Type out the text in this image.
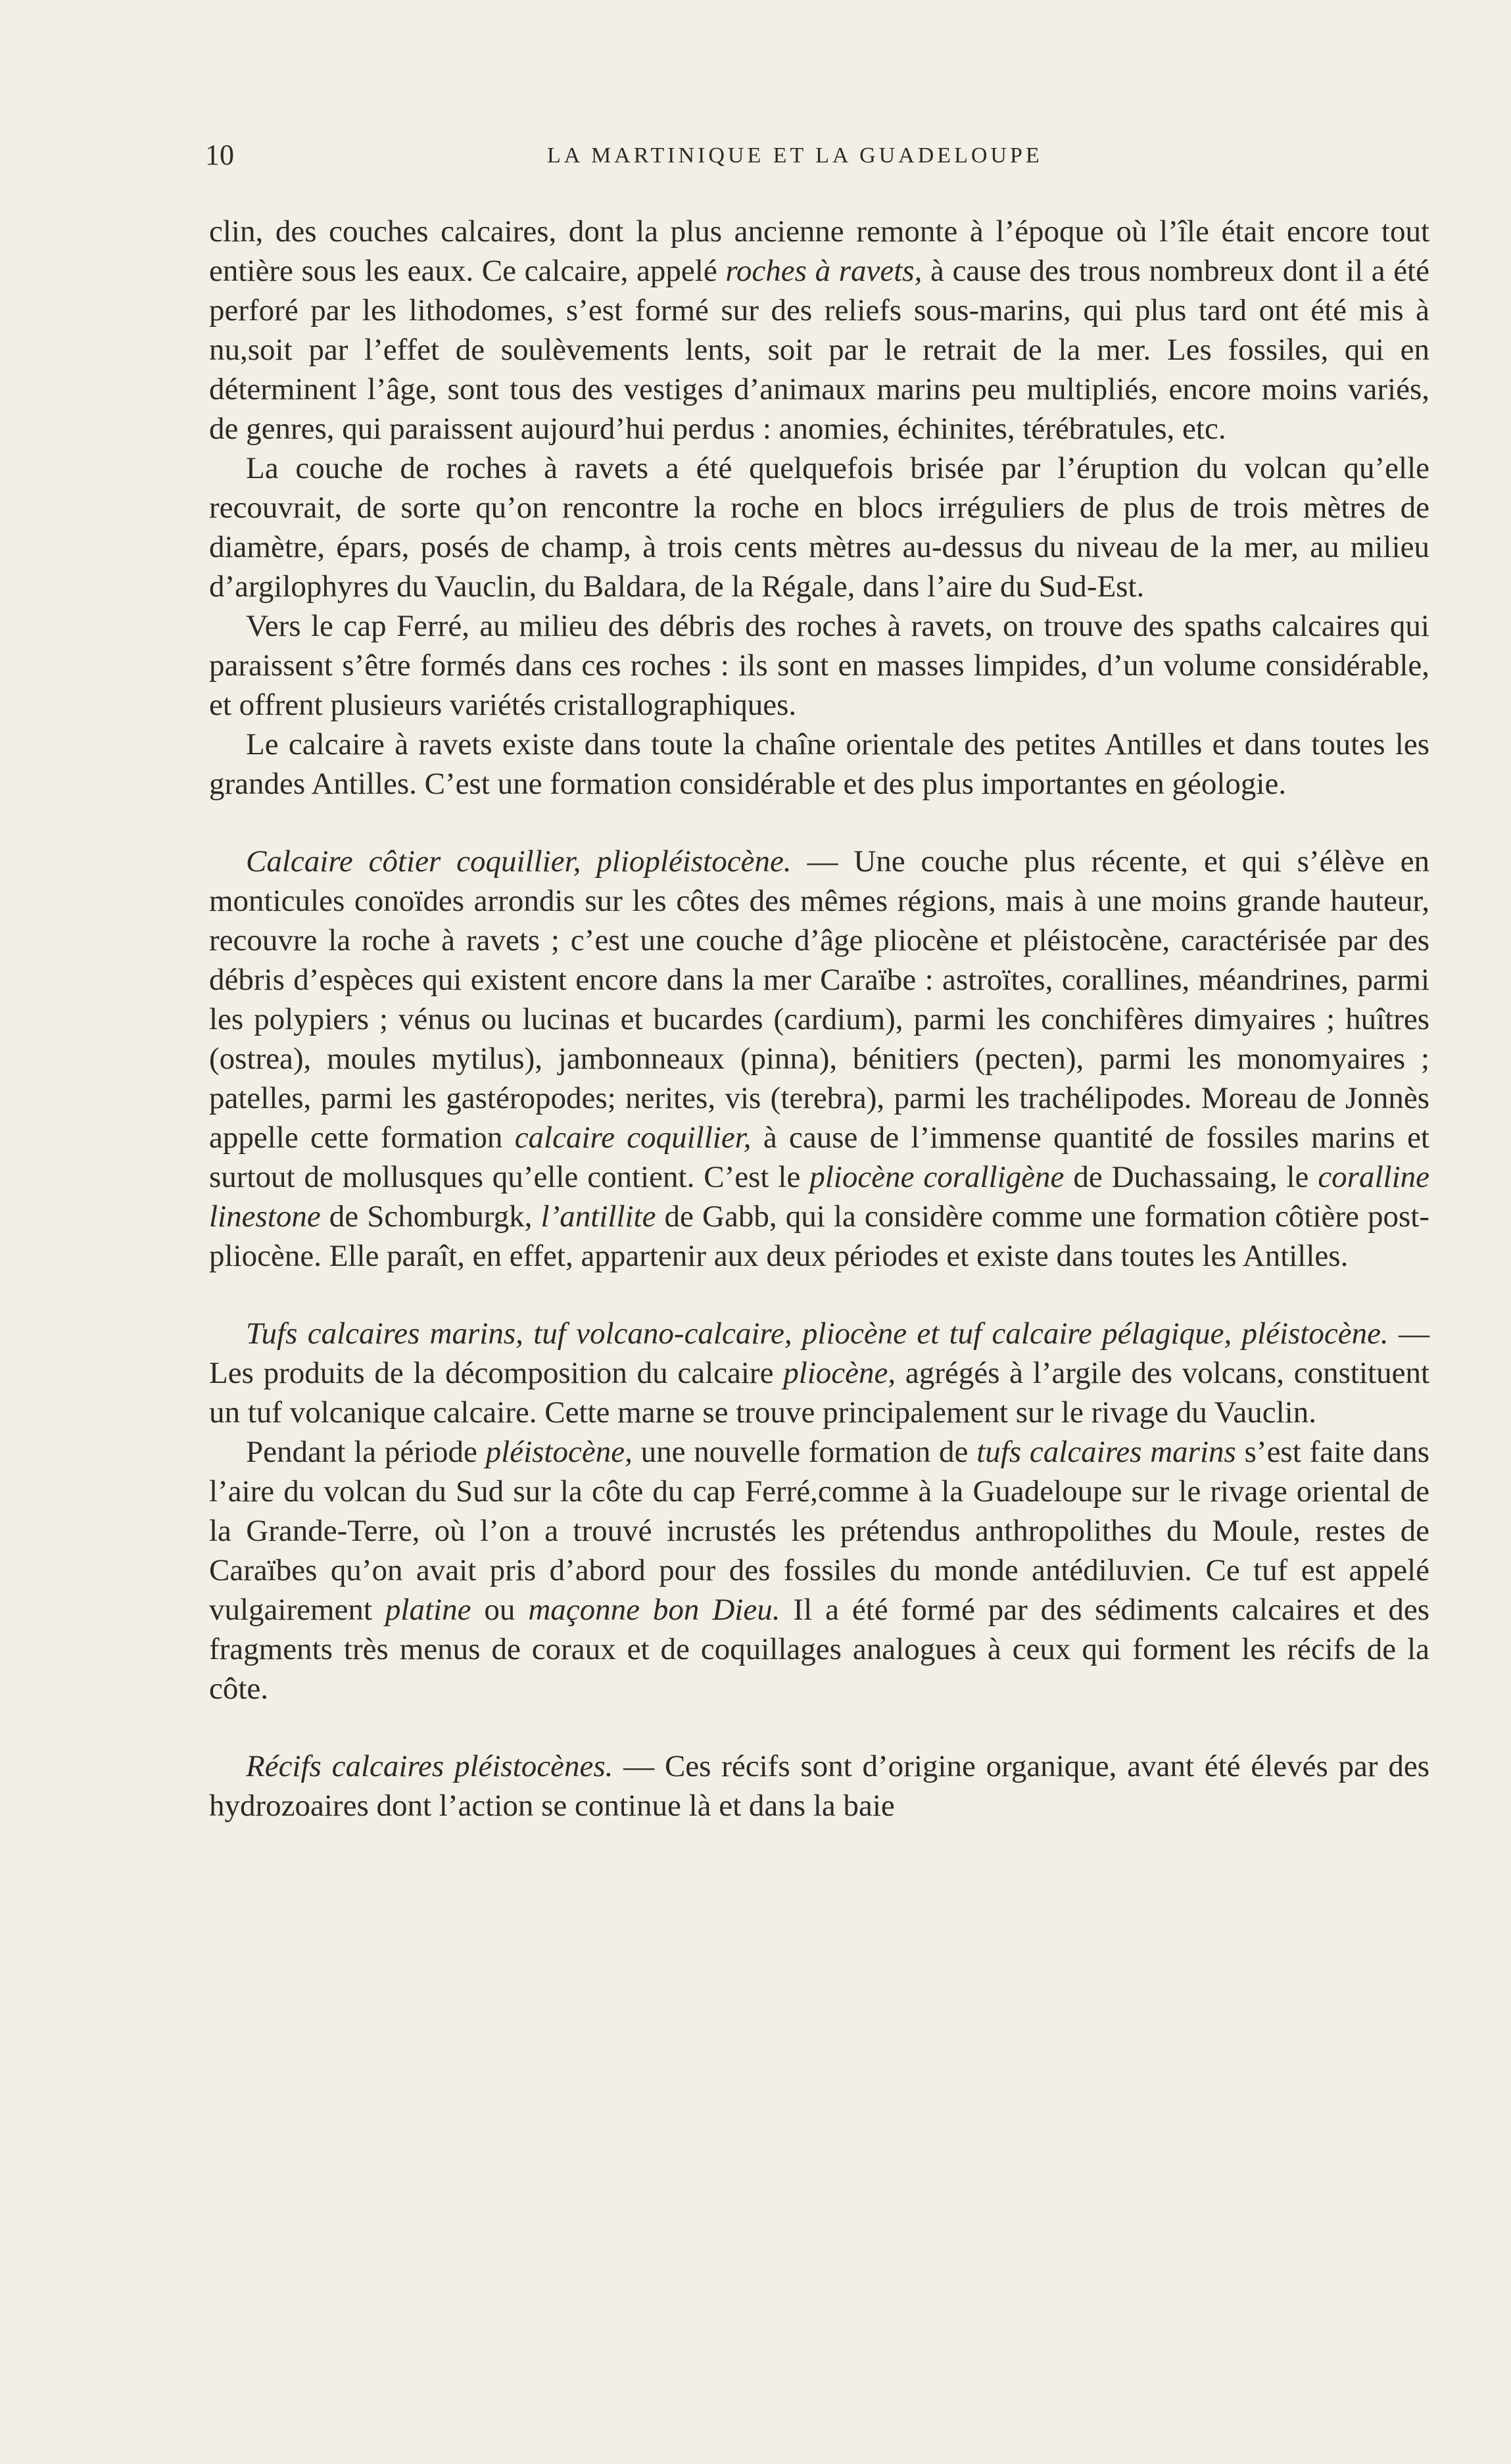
10	LA MARTINIQUE ET LA GUADELOUPE

clin, des couches calcaires, dont la plus ancienne remonte à l’époque où l’île était encore tout entière sous les eaux. Ce calcaire, appelé roches à ravets, à cause des trous nombreux dont il a été perforé par les lithodomes, s’est formé sur des reliefs sous-marins, qui plus tard ont été mis à nu,soit par l’effet de soulèvements lents, soit par le retrait de la mer. Les fossiles, qui en déterminent l’âge, sont tous des vestiges d’animaux marins peu multipliés, encore moins variés, de genres, qui paraissent aujourd’hui perdus : anomies, échinites, térébratules, etc.

La couche de roches à ravets a été quelquefois brisée par l’éruption du volcan qu’elle recouvrait, de sorte qu’on rencontre la roche en blocs irréguliers de plus de trois mètres de diamètre, épars, posés de champ, à trois cents mètres au-dessus du niveau de la mer, au milieu d’argilophyres du Vauclin, du Baldara, de la Régale, dans l’aire du Sud-Est.

Vers le cap Ferré, au milieu des débris des roches à ravets, on trouve des spaths calcaires qui paraissent s’être formés dans ces roches : ils sont en masses limpides, d’un volume considérable, et offrent plusieurs variétés cristallographiques.

Le calcaire à ravets existe dans toute la chaîne orientale des petites Antilles et dans toutes les grandes Antilles. C’est une formation considérable et des plus importantes en géologie.

Calcaire côtier coquillier, pliopléistocène. — Une couche plus récente, et qui s’élève en monticules conoïdes arrondis sur les côtes des mêmes régions, mais à une moins grande hauteur, recouvre la roche à ravets ; c’est une couche d’âge pliocène et pléistocène, caractérisée par des débris d’espèces qui existent encore dans la mer Caraïbe : astroïtes, corallines, méandrines, parmi les polypiers ; vénus ou lucinas et bucardes (cardium), parmi les conchifères dimyaires ; huîtres (ostrea), moules mytilus), jambonneaux (pinna), bénitiers (pecten), parmi les monomyaires ; patelles, parmi les gastéropodes; nerites, vis (terebra), parmi les trachélipodes. Moreau de Jonnès appelle cette formation calcaire coquillier, à cause de l’immense quantité de fossiles marins et surtout de mollusques qu’elle contient. C’est le pliocène coralligène de Duchassaing, le coralline linestone de Schomburgk, l’antillite de Gabb, qui la considère comme une formation côtière post-pliocène. Elle paraît, en effet, appartenir aux deux périodes et existe dans toutes les Antilles.

Tufs calcaires marins, tuf volcano-calcaire, pliocène et tuf calcaire pélagique, pléistocène. — Les produits de la décomposition du calcaire pliocène, agrégés à l’argile des volcans, constituent un tuf volcanique calcaire. Cette marne se trouve principalement sur le rivage du Vauclin.

Pendant la période pléistocène, une nouvelle formation de tufs calcaires marins s’est faite dans l’aire du volcan du Sud sur la côte du cap Ferré,comme à la Guadeloupe sur le rivage oriental de la Grande-Terre, où l’on a trouvé incrustés les prétendus anthropolithes du Moule, restes de Caraïbes qu’on avait pris d’abord pour des fossiles du monde antédiluvien. Ce tuf est appelé vulgairement platine ou maçonne bon Dieu. Il a été formé par des sédiments calcaires et des fragments très menus de coraux et de coquillages analogues à ceux qui forment les récifs de la côte.

Récifs calcaires pléistocènes. — Ces récifs sont d’origine organique, avant été élevés par des hydrozoaires dont l’action se continue là et dans la baie
